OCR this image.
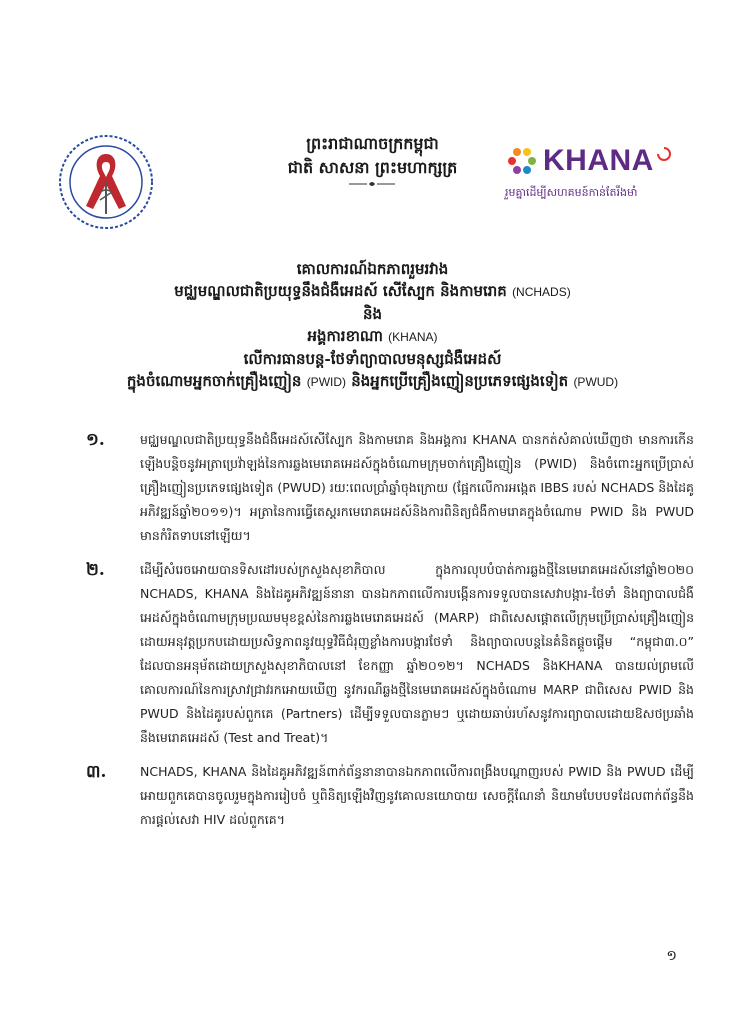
ព្រះរាជាណាចក្រកម្ពុជា
ជាតិ សាសនា ព្រះមហាក្សត្រ	KHANA
រួមគ្នាដើម្បីសហគមន៍កាន់តែរឹងមាំ
គោលការណ៍ឯកភាពរួមរវាង
មជ្ឈមណ្ឌលជាតិប្រយុទ្ធនឹងជំងឺអេដស៍ សើស្បែក និងកាមរោគ (NCHADS)
និង
អង្គការខាណា (KHANA)
លើការធានបន្ត-ថែទាំព្យាបាលមនុស្សជំងឺអេដស៍
ក្នុងចំណោមអ្នកចាក់គ្រឿងញៀន (PWID) និងអ្នកប្រើគ្រឿងញៀនប្រភេទផ្សេងទៀត (PWUD)
១.	មជ្ឈមណ្ឌលជាតិប្រយុទ្ធនឹងជំងឺអេដស៍សើស្បែក និងកាមរោគ និងអង្គការ KHANA បានកត់សំគាល់ឃើញថា មានការកើនឡើងបន្តិចនូវអត្រាប្រេវ៉ាឡង់នៃការឆ្លងមេរោគអេដស៍ក្នុងចំណោមក្រុមចាក់គ្រឿងញៀន (PWID) និងចំពោះអ្នកប្រើប្រាស់គ្រឿងញៀនប្រភេទផ្សេងទៀត (PWUD) រយៈពេលប្រាំឆ្នាំចុងក្រោយ (ផ្អែកលើការអង្កេត IBBS របស់ NCHADS និងដៃគូអភិវឌ្ឍន៍ឆ្នាំ២០១១)។ អត្រានៃការធ្វើតេស្តរកមេរោគអេដស៍និងការពិនិត្យជំងឺកាមរោគក្នុងចំណោម PWID និង PWUD មានកំរិតទាបនៅឡើយ។
២.	ដើម្បីសំរេចអោយបានទិសដៅរបស់ក្រសួងសុខាភិបាល ក្នុងការលុបបំបាត់ការឆ្លងថ្មីនៃមេរោគអេដស៍នៅឆ្នាំ២០២០ NCHADS, KHANA និងដៃគូអភិវឌ្ឍន៍នានា បានឯកភាពលើការបង្កើនការទទួលបានសេវាបង្ការ-ថែទាំ និងព្យាបាលជំងឺអេដស៍ក្នុងចំណោមក្រុមប្រឈមមុខខ្ពស់នៃការឆ្លងមេរោគអេដស៍ (MARP) ជាពិសេសផ្តោតលើក្រុមប្រើប្រាស់គ្រឿងញៀនដោយអនុវត្តប្រកបដោយប្រសិទ្ធភាពនូវយុទ្ធវិធីជំរុញខ្លាំងការបង្ការថែទាំ និងព្យាបាលបន្តនៃគំនិតផ្តួចផ្តើម “កម្ពុជា៣.០” ដែលបានអនុម័តដោយក្រសួងសុខាភិបាលនៅ ខែកញ្ញា ឆ្នាំ២០១២។ NCHADS និងKHANA បានយល់ព្រមលើគោលការណ៍នៃការស្រាវជ្រាវរកអោយឃើញ នូវករណីឆ្លងថ្មីនៃមេរោគអេដស៍ក្នុងចំណោម MARP ជាពិសេស PWID និង PWUD និងដៃគូរបស់ពួកគេ (Partners) ដើម្បីទទួលបានភ្លាមៗ ឬដោយឆាប់រហ័សនូវការព្យាបាលដោយឱសថប្រឆាំងនឹងមេរោគអេដស៍ (Test and Treat)។
៣.	NCHADS, KHANA និងដៃគូអភិវឌ្ឍន៍ពាក់ព័ន្ធនានាបានឯកភាពលើការពង្រឹងបណ្តាញរបស់ PWID និង PWUD ដើម្បីអោយពួកគេបានចូលរួមក្នុងការរៀបចំ ឬពិនិត្យឡើងវិញនូវគោលនយោបាយ សេចក្តីណែនាំ និយាមបែបបទដែលពាក់ព័ន្ធនឹងការផ្តល់សេវា HIV ដល់ពួកគេ។
១
